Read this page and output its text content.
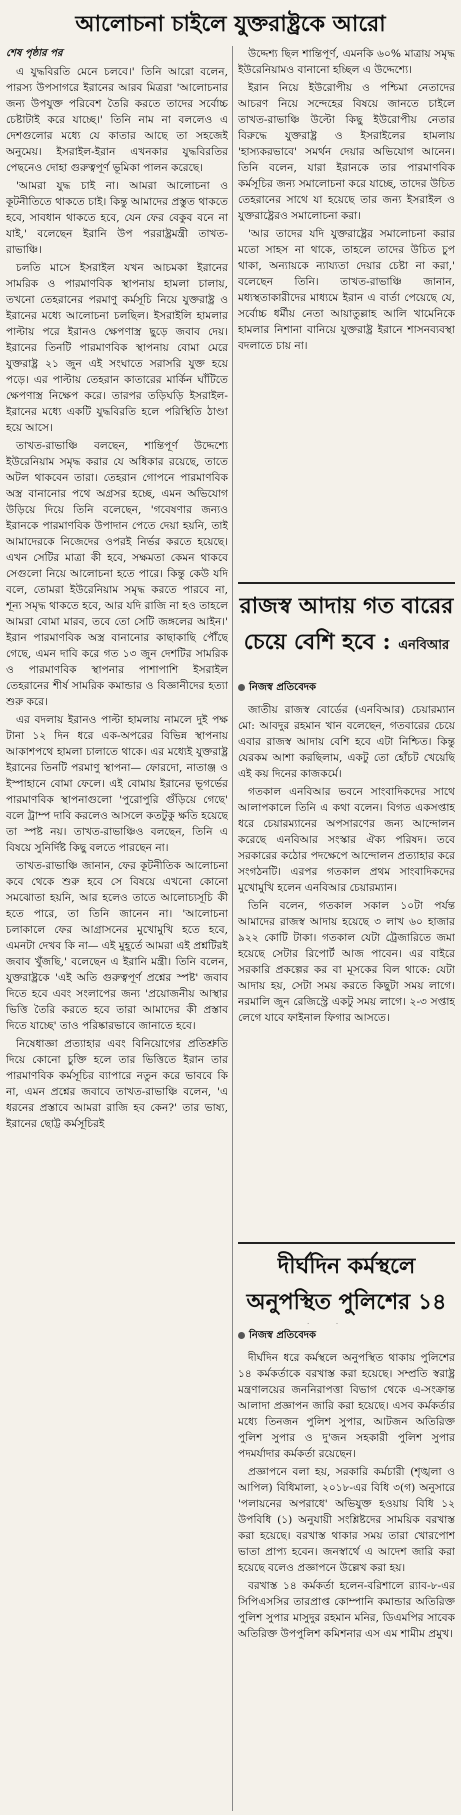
আলোচনা চাইলে যুক্তরাষ্ট্রকে আরো

শেষ পৃষ্ঠার পর

এ যুদ্ধবিরতি মেনে চলবে।' তিনি আরো বলেন, পারস্য উপসাগরে ইরানের আরব মিত্ররা 'আলোচনার জন্য উপযুক্ত পরিবেশ তৈরি করতে তাদের সর্বোচ্চ চেষ্টাটাই করে যাচ্ছে।' তিনি নাম না বললেও এ দেশগুলোর মধ্যে যে কাতার আছে তা সহজেই অনুমেয়। ইসরাইল-ইরান এখনকার যুদ্ধবিরতির পেছনেও দোহা গুরুত্বপূর্ণ ভূমিকা পালন করেছে।

'আমরা যুদ্ধ চাই না। আমরা আলোচনা ও কূটনীতিতে থাকতে চাই। কিন্তু আমাদের প্রস্তুত থাকতে হবে, সাবধান থাকতে হবে, যেন ফের বেকুব বনে না যাই,' বলেছেন ইরানি উপ পররাষ্ট্রমন্ত্রী তাখত-রাভাঞ্চি।

চলতি মাসে ইসরাইল যখন আচমকা ইরানের সামরিক ও পারমাণবিক স্থাপনায় হামলা চালায়, তখনো তেহরানের পরমাণু কর্মসূচি নিয়ে যুক্তরাষ্ট্র ও ইরানের মধ্যে আলোচনা চলছিল। ইসরাইলি হামলার পাল্টায় পরে ইরানও ক্ষেপণাস্ত্র ছুড়ে জবাব দেয়। ইরানের তিনটি পারমাণবিক স্থাপনায় বোমা মেরে যুক্তরাষ্ট্র ২১ জুন এই সংঘাতে সরাসরি যুক্ত হয়ে পড়ে। এর পাল্টায় তেহরান কাতারের মার্কিন ঘাঁটিতে ক্ষেপণাস্ত্র নিক্ষেপ করে। তারপর তড়িঘড়ি ইসরাইল-ইরানের মধ্যে একটি যুদ্ধবিরতি হলে পরিস্থিতি ঠাণ্ডা হয়ে আসে।

তাখত-রাভাঞ্চি বলছেন, শান্তিপূর্ণ উদ্দেশ্যে ইউরেনিয়াম সমৃদ্ধ করার যে অধিকার রয়েছে, তাতে অটল থাকবেন তারা। তেহরান গোপনে পারমাণবিক অস্ত্র বানানোর পথে অগ্রসর হচ্ছে, এমন অভিযোগ উড়িয়ে দিয়ে তিনি বলেছেন, 'গবেষণার জন্যও ইরানকে পারমাণবিক উপাদান পেতে দেয়া হয়নি, তাই আমাদেরকে নিজেদের ওপরই নির্ভর করতে হয়েছে। এখন সেটির মাত্রা কী হবে, সক্ষমতা কেমন থাকবে সেগুলো নিয়ে আলোচনা হতে পারে। কিন্তু কেউ যদি বলে, তোমরা ইউরেনিয়াম সমৃদ্ধ করতে পারবে না, শূন্য সমৃদ্ধ থাকতে হবে, আর যদি রাজি না হও তাহলে আমরা বোমা মারব, তবে তো সেটি জঙ্গলের আইন।' ইরান পারমাণবিক অস্ত্র বানানোর কাছাকাছি পৌঁছে গেছে, এমন দাবি করে গত ১৩ জুন দেশটির সামরিক ও পারমাণবিক স্থাপনার পাশাপাশি ইসরাইল তেহরানের শীর্ষ সামরিক কমান্ডার ও বিজ্ঞানীদের হত্যা শুরু করে।

এর বদলায় ইরানও পাল্টা হামলায় নামলে দুই পক্ষ টানা ১২ দিন ধরে এক-অপরের বিভিন্ন স্থাপনায় আকাশপথে হামলা চালাতে থাকে। এর মধ্যেই যুক্তরাষ্ট্র ইরানের তিনটি পরমাণু স্থাপনা— ফোরদো, নাতাঞ্জ ও ইস্পাহানে বোমা ফেলে। এই বোমায় ইরানের ভূগর্ভের পারমাণবিক স্থাপনাগুলো 'পুরোপুরি গুঁড়িয়ে গেছে' বলে ট্রাম্প দাবি করলেও আসলে কতটুকু ক্ষতি হয়েছে তা স্পষ্ট নয়। তাখত-রাভাঞ্চিও বলছেন, তিনি এ বিষয়ে সুনির্দিষ্ট কিছু বলতে পারছেন না।

তাখত-রাভাঞ্চি জানান, ফের কূটনীতিক আলোচনা কবে থেকে শুরু হবে সে বিষয়ে এখনো কোনো সমঝোতা হয়নি, আর হলেও তাতে আলোচ্যসূচি কী হতে পারে, তা তিনি জানেন না। 'আলোচনা চলাকালে ফের আগ্রাসনের মুখোমুখি হতে হবে, এমনটা দেখব কি না— এই মুহূর্তে আমরা এই প্রশ্নটিরই জবাব খুঁজছি,' বলেছেন এ ইরানি মন্ত্রী। তিনি বলেন, যুক্তরাষ্ট্রকে 'এই অতি গুরুত্বপূর্ণ প্রশ্নের স্পষ্ট' জবাব দিতে হবে এবং সংলাপের জন্য 'প্রয়োজনীয় আস্থার ভিত্তি তৈরি করতে হবে তারা আমাদের কী প্রস্তাব দিতে যাচ্ছে' তাও পরিষ্কারভাবে জানাতে হবে।

নিষেধাজ্ঞা প্রত্যাহার এবং বিনিয়োগের প্রতিশ্রুতি দিয়ে কোনো চুক্তি হলে তার ভিত্তিতে ইরান তার পারমাণবিক কর্মসূচির ব্যাপারে নতুন করে ভাববে কি না, এমন প্রশ্নের জবাবে তাখত-রাভাঞ্চি বলেন, 'এ ধরনের প্রস্তাবে আমরা রাজি হব কেন?' তার ভাষ্য, ইরানের ছোট্ট কর্মসূচিরই

উদ্দেশ্য ছিল শান্তিপূর্ণ, এমনকি ৬০% মাত্রায় সমৃদ্ধ ইউরেনিয়ামও বানানো হচ্ছিল এ উদ্দেশ্যে।

ইরান নিয়ে ইউরোপীয় ও পশ্চিমা নেতাদের আচরণ নিয়ে সন্দেহের বিষয়ে জানতে চাইলে তাখত-রাভাঞ্চি উল্টো কিছু ইউরোপীয় নেতার বিরুদ্ধে যুক্তরাষ্ট্র ও ইসরাইলের হামলায় 'হাস্যকরভাবে' সমর্থন দেয়ার অভিযোগ আনেন। তিনি বলেন, যারা ইরানকে তার পারমাণবিক কর্মসূচির জন্য সমালোচনা করে যাচ্ছে, তাদের উচিত তেহরানের সাথে যা হয়েছে তার জন্য ইসরাইল ও যুক্তরাষ্ট্রেরও সমালোচনা করা।

'আর তাদের যদি যুক্তরাষ্ট্রের সমালোচনা করার মতো সাহস না থাকে, তাহলে তাদের উচিত চুপ থাকা, অন্যায়কে ন্যায্যতা দেয়ার চেষ্টা না করা,' বলেছেন তিনি। তাখত-রাভাঞ্চি জানান, মধ্যস্থতাকারীদের মাধ্যমে ইরান এ বার্তা পেয়েছে যে, সর্বোচ্চ ধর্মীয় নেতা আয়াতুল্লাহ আলি খামেনিকে হামলার নিশানা বানিয়ে যুক্তরাষ্ট্র ইরানে শাসনব্যবস্থা বদলাতে চায় না।

রাজস্ব আদায় গত বারের চেয়ে বেশি হবে : এনবিআর
নিজস্ব প্রতিবেদক

জাতীয় রাজস্ব বোর্ডের (এনবিআর) চেয়ারম্যান মো: আবদুর রহমান খান বলেছেন, গতবারের চেয়ে এবার রাজস্ব আদায় বেশি হবে এটা নিশ্চিত। কিন্তু যেরকম আশা করছিলাম, একটু তো হোঁচট খেয়েছি এই কয় দিনের কাজকর্মে।

গতকাল এনবিআর ভবনে সাংবাদিকদের সাথে আলাপকালে তিনি এ কথা বলেন। বিগত একসপ্তাহ ধরে চেয়ারম্যানের অপসারণের জন্য আন্দোলন করেছে এনবিআর সংস্কার ঐক্য পরিষদ। তবে সরকারের কঠোর পদক্ষেপে আন্দোলন প্রত্যাহার করে সংগঠনটি। এরপর গতকাল প্রথম সাংবাদিকদের মুখোমুখি হলেন এনবিআর চেয়ারম্যান।

তিনি বলেন, গতকাল সকাল ১০টা পর্যন্ত আমাদের রাজস্ব আদায় হয়েছে ৩ লাখ ৬০ হাজার ৯২২ কোটি টাকা। গতকাল যেটা ট্রেজারিতে জমা হয়েছে সেটার রিপোর্ট আজ পাবেন। এর বাইরে সরকারি প্রকল্পের কর বা মূসকের বিল থাকে: যেটা আদায় হয়, সেটা সময় করতে কিছুটা সময় লাগে। নরমালি জুন রেজিস্ট্রে একটু সময় লাগে। ২-৩ সপ্তাহ লেগে যাবে ফাইনাল ফিগার আসতে।

দীর্ঘদিন কর্মস্থলে অনুপস্থিত পুলিশের ১৪
নিজস্ব প্রতিবেদক

দীর্ঘদিন ধরে কর্মস্থলে অনুপস্থিত থাকায় পুলিশের ১৪ কর্মকর্তাকে বরখাস্ত করা হয়েছে। সম্প্রতি স্বরাষ্ট্র মন্ত্রণালয়ের জননিরাপত্তা বিভাগ থেকে এ-সংক্রান্ত আলাদা প্রজ্ঞাপন জারি করা হয়েছে। এসব কর্মকর্তার মধ্যে তিনজন পুলিশ সুপার, আটজন অতিরিক্ত পুলিশ সুপার ও দু'জন সহকারী পুলিশ সুপার পদমর্যাদার কর্মকর্তা রয়েছেন।

প্রজ্ঞাপনে বলা হয়, সরকারি কর্মচারী (শৃঙ্খলা ও আপিল) বিধিমালা, ২০১৮-এর বিধি ৩(গ) অনুসারে 'পলায়নের অপরাধে' অভিযুক্ত হওয়ায় বিধি ১২ উপবিধি (১) অনুযায়ী সংশ্লিষ্টদের সাময়িক বরখাস্ত করা হয়েছে। বরখাস্ত থাকার সময় তারা খোরপোশ ভাতা প্রাপ্য হবেন। জনস্বার্থে এ আদেশ জারি করা হয়েছে বলেও প্রজ্ঞাপনে উল্লেখ করা হয়।

বরখাস্ত ১৪ কর্মকর্তা হলেন-বরিশালে র‍্যাব-৮-এর সিপিএসসির তারপ্রাপ্ত কোম্পানি কমান্ডার অতিরিক্ত পুলিশ সুপার মাসুদুর রহমান মনির, ডিএমপির সাবেক অতিরিক্ত উপপুলিশ কমিশনার এস এম শামীম প্রমুখ।
